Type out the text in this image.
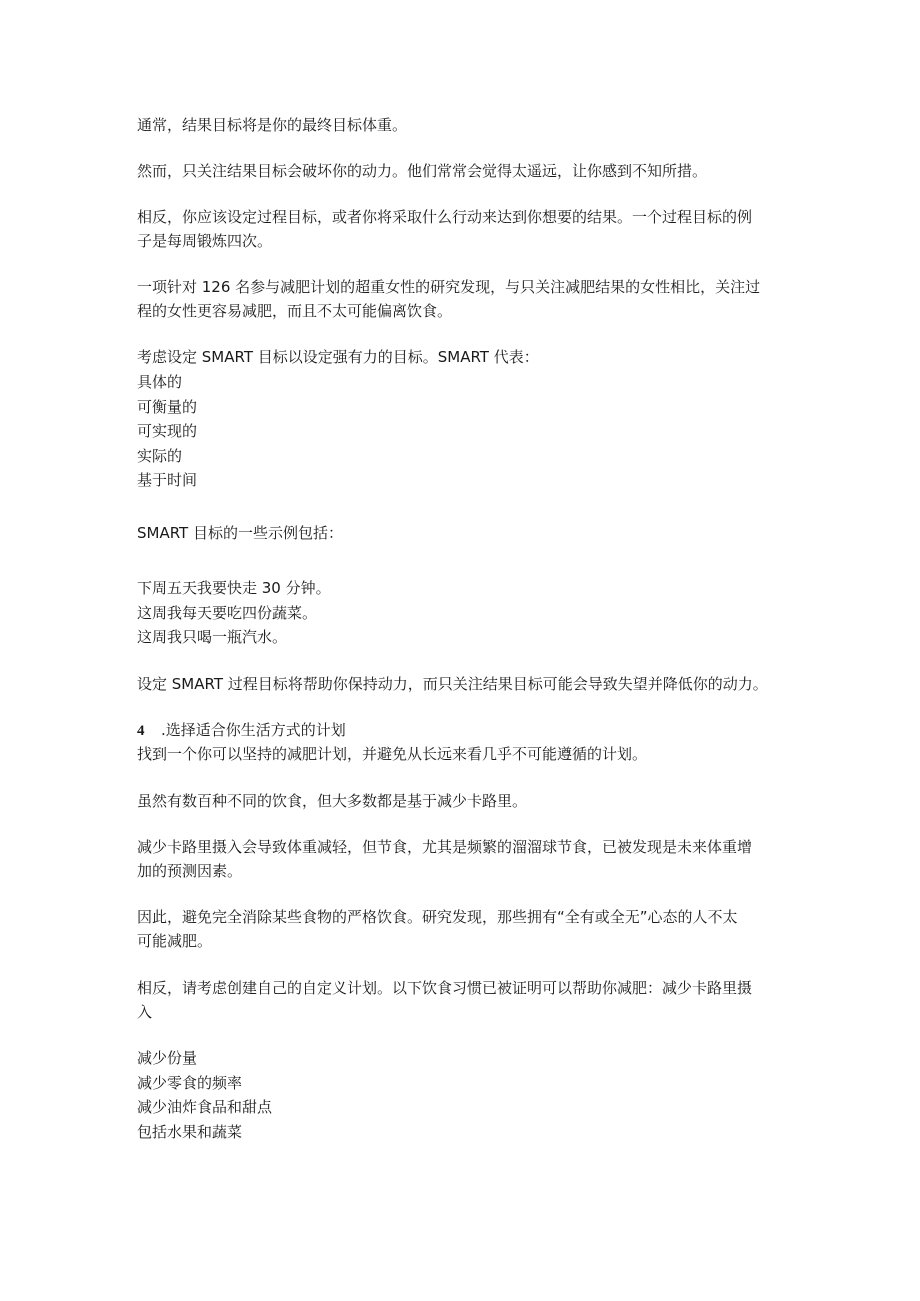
通常，结果目标将是你的最终目标体重。
然而，只关注结果目标会破坏你的动力。他们常常会觉得太遥远，让你感到不知所措。
相反，你应该设定过程目标，或者你将采取什么行动来达到你想要的结果。一个过程目标的例
子是每周锻炼四次。
一项针对 126 名参与减肥计划的超重女性的研究发现，与只关注减肥结果的女性相比，关注过
程的女性更容易减肥，而且不太可能偏离饮食。
考虑设定 SMART 目标以设定强有力的目标。SMART 代表：
具体的
可衡量的
可实现的
实际的
基于时间
SMART 目标的一些示例包括：
下周五天我要快走 30 分钟。
这周我每天要吃四份蔬菜。
这周我只喝一瓶汽水。
设定 SMART 过程目标将帮助你保持动力，而只关注结果目标可能会导致失望并降低你的动力。
4 .选择适合你生活方式的计划
找到一个你可以坚持的减肥计划，并避免从长远来看几乎不可能遵循的计划。
虽然有数百种不同的饮食，但大多数都是基于减少卡路里。
减少卡路里摄入会导致体重减轻，但节食，尤其是频繁的溜溜球节食，已被发现是未来体重增
加的预测因素。
因此，避免完全消除某些食物的严格饮食。研究发现，那些拥有“全有或全无”心态的人不太
可能减肥。
相反，请考虑创建自己的自定义计划。以下饮食习惯已被证明可以帮助你减肥：减少卡路里摄
入
减少份量
减少零食的频率
减少油炸食品和甜点
包括水果和蔬菜
